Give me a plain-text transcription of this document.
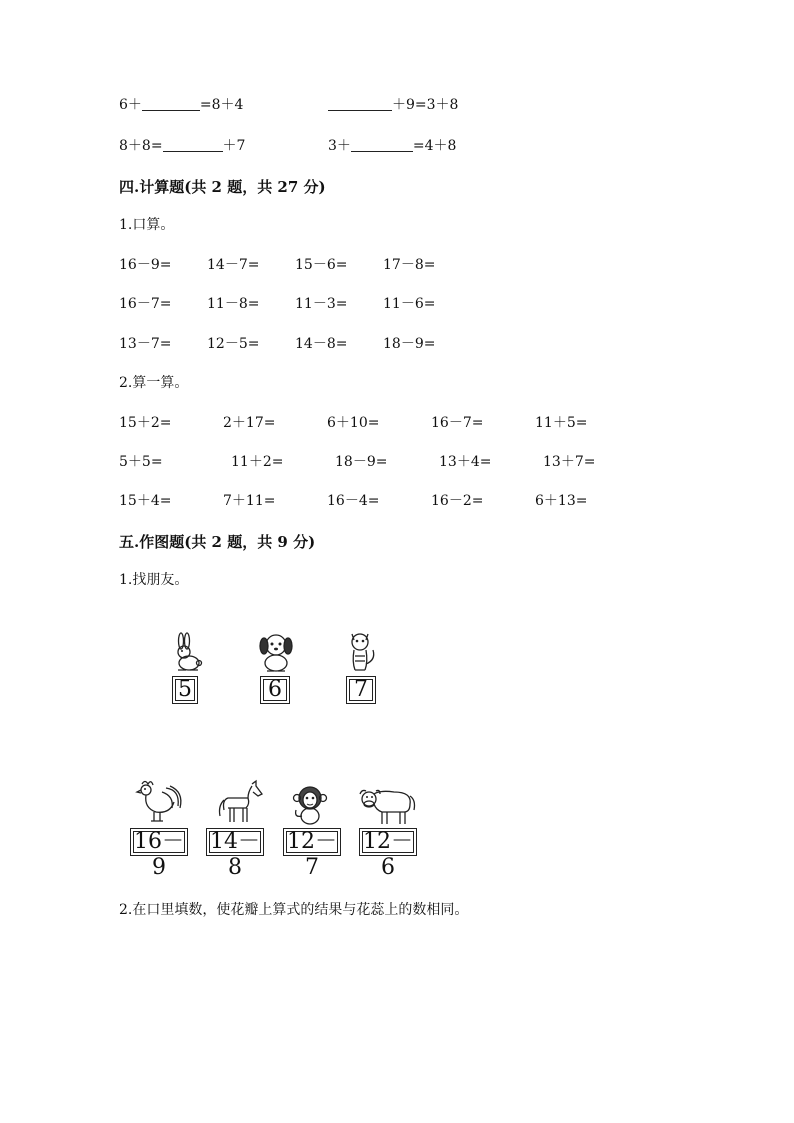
6＋	=8＋4	＋9=3＋8
8＋8=	＋7	3＋	=4＋8
四.计算题(共 2 题，共 27 分)
1.口算。
16－9=	14－7=	15－6=	17－8=
16－7=	11－8=	11－3=	11－6=
13－7=	12－5=	14－8=	18－9=
2.算一算。
15＋2=	2＋17=	6＋10=	16－7=	11＋5=
5＋5=	11＋2=	18－9=	13＋4=	13＋7=
15＋4=	7＋11=	16－4=	16－2=	6＋13=
五.作图题(共 2 题，共 9 分)
1.找朋友。
5	6	7
16－9
14－8
12－7
12－6
2.在口里填数，使花瓣上算式的结果与花蕊上的数相同。
